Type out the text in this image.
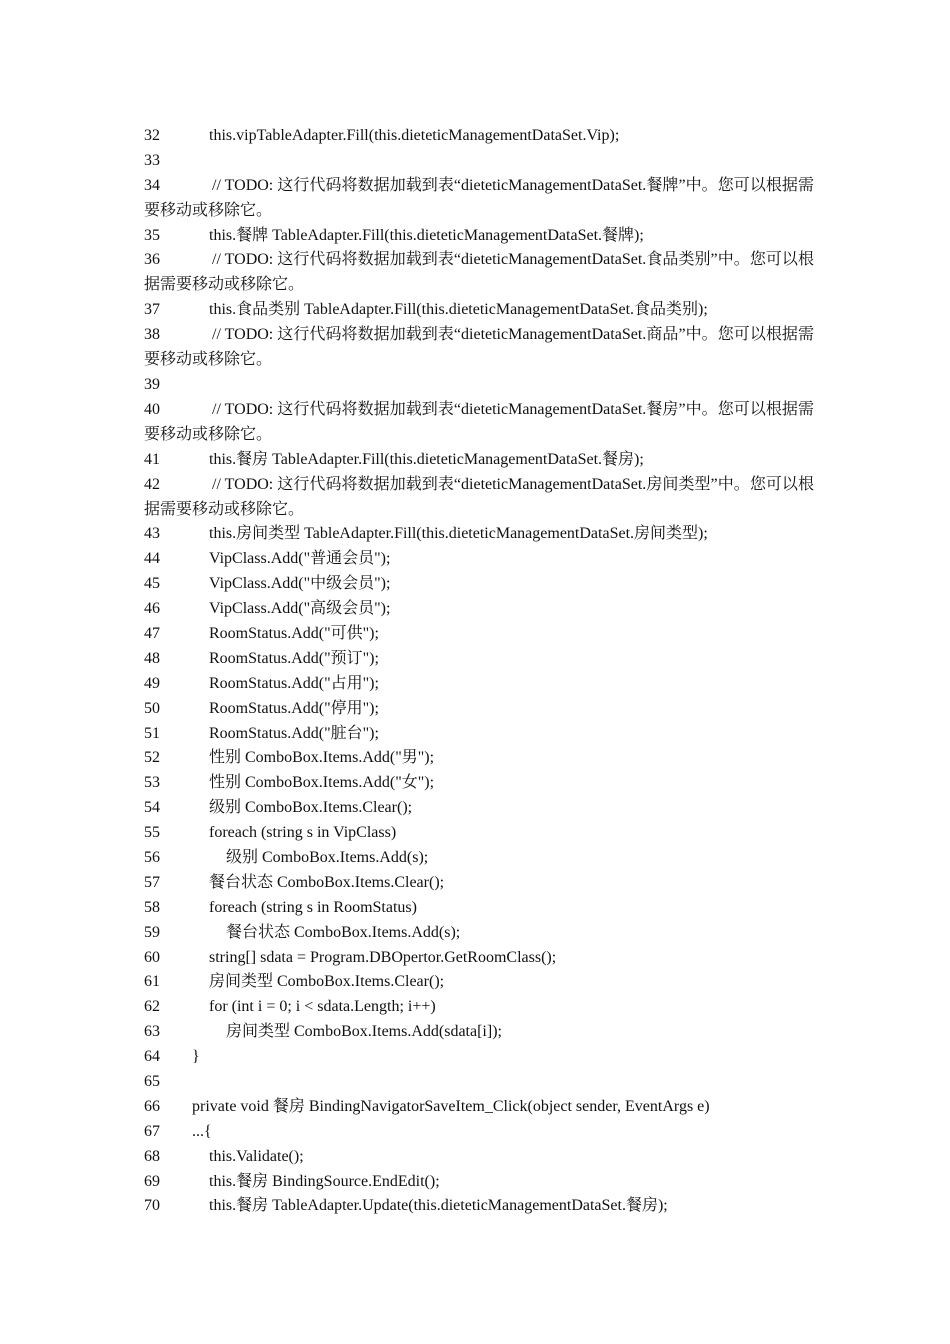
32	this.vipTableAdapter.Fill(this.dieteticManagementDataSet.Vip);
33
34	// TODO: 这行代码将数据加载到表“dieteticManagementDataSet.餐牌”中。您可以根据需要移动或移除它。
35	this.餐牌 TableAdapter.Fill(this.dieteticManagementDataSet.餐牌);
36	// TODO: 这行代码将数据加载到表“dieteticManagementDataSet.食品类别”中。您可以根据需要移动或移除它。
37	this.食品类别 TableAdapter.Fill(this.dieteticManagementDataSet.食品类别);
38	// TODO: 这行代码将数据加载到表“dieteticManagementDataSet.商品”中。您可以根据需要移动或移除它。
39
40	// TODO: 这行代码将数据加载到表“dieteticManagementDataSet.餐房”中。您可以根据需要移动或移除它。
41	this.餐房 TableAdapter.Fill(this.dieteticManagementDataSet.餐房);
42	// TODO: 这行代码将数据加载到表“dieteticManagementDataSet.房间类型”中。您可以根据需要移动或移除它。
43	this.房间类型 TableAdapter.Fill(this.dieteticManagementDataSet.房间类型);
44	VipClass.Add("普通会员");
45	VipClass.Add("中级会员");
46	VipClass.Add("高级会员");
47	RoomStatus.Add("可供");
48	RoomStatus.Add("预订");
49	RoomStatus.Add("占用");
50	RoomStatus.Add("停用");
51	RoomStatus.Add("脏台");
52	性别 ComboBox.Items.Add("男");
53	性别 ComboBox.Items.Add("女");
54	级别 ComboBox.Items.Clear();
55	foreach (string s in VipClass)
56	级别 ComboBox.Items.Add(s);
57	餐台状态 ComboBox.Items.Clear();
58	foreach (string s in RoomStatus)
59	餐台状态 ComboBox.Items.Add(s);
60	string[] sdata = Program.DBOpertor.GetRoomClass();
61	房间类型 ComboBox.Items.Clear();
62	for (int i = 0; i < sdata.Length; i++)
63	房间类型 ComboBox.Items.Add(sdata[i]);
64 }
65
66 private void 餐房 BindingNavigatorSaveItem_Click(object sender, EventArgs e)
67 ...{
68	this.Validate();
69	this.餐房 BindingSource.EndEdit();
70	this.餐房 TableAdapter.Update(this.dieteticManagementDataSet.餐房);
